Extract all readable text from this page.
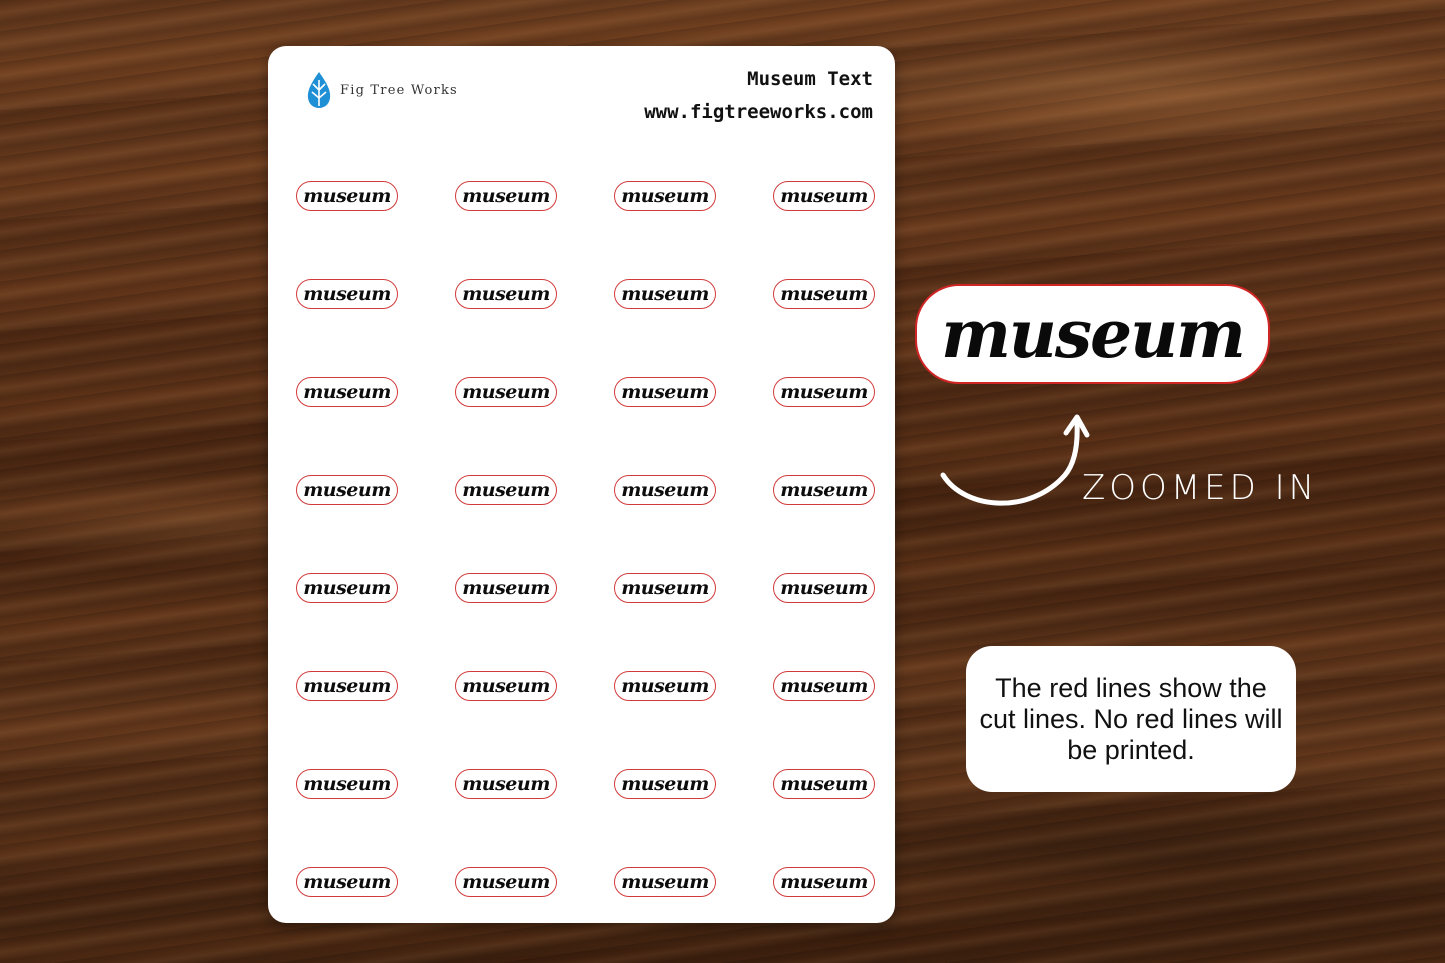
Fig Tree Works	Museum Text
www.figtreeworks.com
museum	museum	museum	museum
museum	museum	museum	museum
museum	museum	museum	museum
museum	museum	museum	museum
museum	museum	museum	museum
museum	museum	museum	museum
museum	museum	museum	museum
museum	museum	museum	museum
museum
ZOOMED IN
The red lines show the cut lines. No red lines will be printed.
